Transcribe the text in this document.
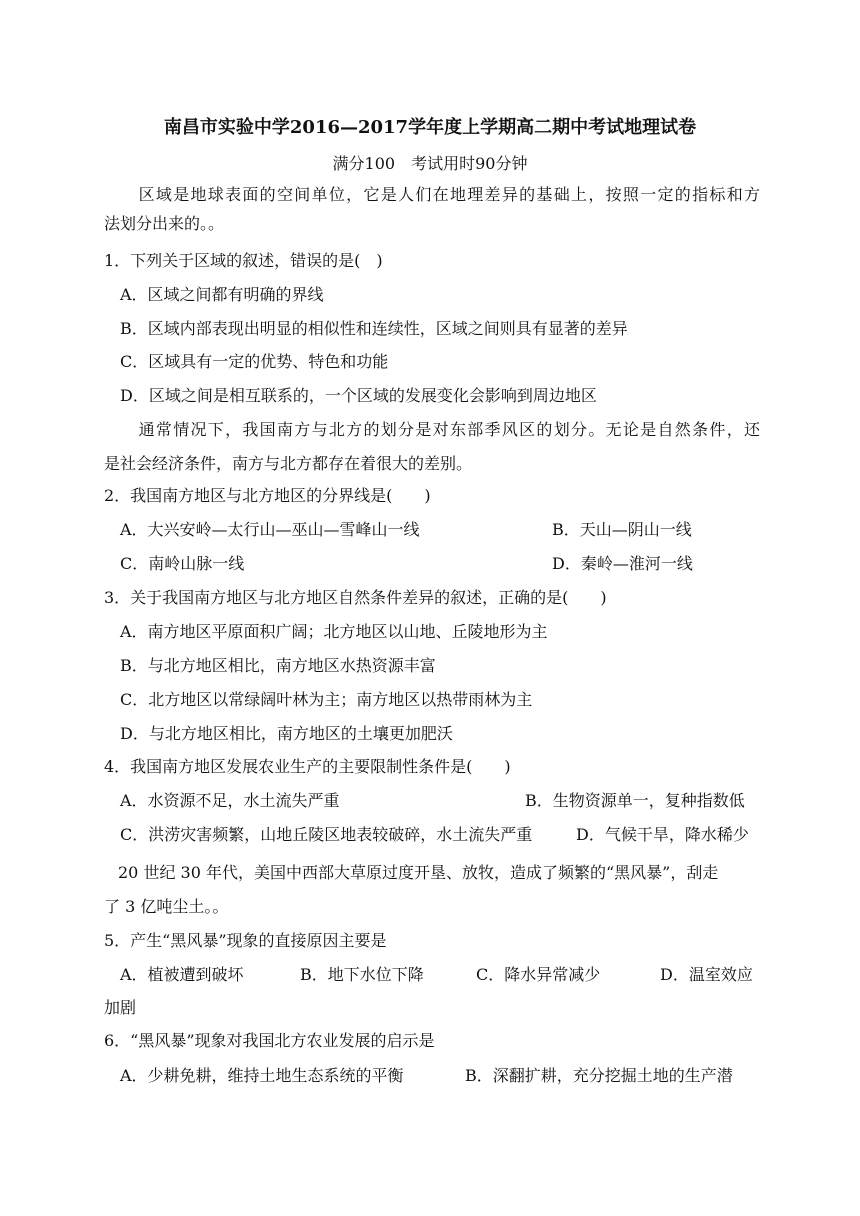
南昌市实验中学2016—2017学年度上学期高二期中考试地理试卷
满分100　考试用时90分钟
　　区域是地球表面的空间单位，它是人们在地理差异的基础上，按照一定的指标和方
法划分出来的。。
1．下列关于区域的叙述，错误的是(　)
A．区域之间都有明确的界线
B．区域内部表现出明显的相似性和连续性，区域之间则具有显著的差异
C．区域具有一定的优势、特色和功能
D．区域之间是相互联系的，一个区域的发展变化会影响到周边地区
　　通常情况下，我国南方与北方的划分是对东部季风区的划分。无论是自然条件，还
是社会经济条件，南方与北方都存在着很大的差别。
2．我国南方地区与北方地区的分界线是(　　)
A．大兴安岭—太行山—巫山—雪峰山一线	B．天山—阴山一线
C．南岭山脉一线	D．秦岭—淮河一线
3．关于我国南方地区与北方地区自然条件差异的叙述，正确的是(　　)
A．南方地区平原面积广阔；北方地区以山地、丘陵地形为主
B．与北方地区相比，南方地区水热资源丰富
C．北方地区以常绿阔叶林为主；南方地区以热带雨林为主
D．与北方地区相比，南方地区的土壤更加肥沃
4．我国南方地区发展农业生产的主要限制性条件是(　　)
A．水资源不足，水土流失严重	B．生物资源单一，复种指数低
C．洪涝灾害频繁，山地丘陵区地表较破碎，水土流失严重	D．气候干旱，降水稀少
20 世纪 30 年代，美国中西部大草原过度开垦、放牧，造成了频繁的“黑风暴”，刮走
了 3 亿吨尘土。。
5．产生“黑风暴”现象的直接原因主要是
A．植被遭到破坏	B．地下水位下降	C．降水异常减少	D．温室效应
加剧
6．“黑风暴”现象对我国北方农业发展的启示是
A．少耕免耕，维持土地生态系统的平衡	B．深翻扩耕，充分挖掘土地的生产潜
